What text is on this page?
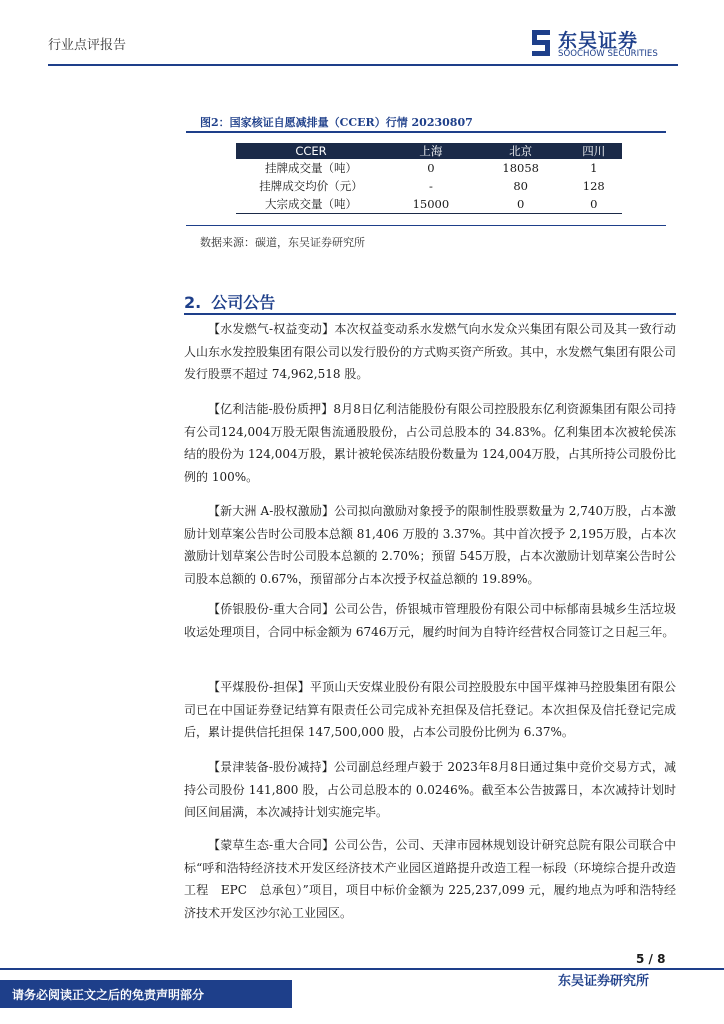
行业点评报告	东吴证券
SOOCHOW SECURITIES
图2：国家核证自愿减排量（CCER）行情 20230807
CCER	上海	北京	四川
挂牌成交量（吨）	0	18058	1
挂牌成交均价（元）	-	80	128
大宗成交量（吨）	15000	0	0
数据来源：碳道，东吴证券研究所
2. 公司公告

【水发燃气-权益变动】本次权益变动系水发燃气向水发众兴集团有限公司及其一致行动人山东水发控股集团有限公司以发行股份的方式购买资产所致。其中，水发燃气集团有限公司发行股票不超过 74,962,518 股。

【亿利洁能-股份质押】8月8日亿利洁能股份有限公司控股股东亿利资源集团有限公司持有公司124,004万股无限售流通股股份，占公司总股本的 34.83%。亿利集团本次被轮侯冻结的股份为 124,004万股，累计被轮侯冻结股份数量为 124,004万股，占其所持公司股份比例的 100%。

【新大洲 A-股权激励】公司拟向激励对象授予的限制性股票数量为 2,740万股，占本激励计划草案公告时公司股本总额 81,406 万股的 3.37%。其中首次授予 2,195万股，占本次激励计划草案公告时公司股本总额的 2.70%；预留 545万股，占本次激励计划草案公告时公司股本总额的 0.67%，预留部分占本次授予权益总额的 19.89%。

【侨银股份-重大合同】公司公告，侨银城市管理股份有限公司中标郁南县城乡生活垃圾收运处理项目，合同中标金额为 6746万元，履约时间为自特许经营权合同签订之日起三年。

【平煤股份-担保】平顶山天安煤业股份有限公司控股股东中国平煤神马控股集团有限公司已在中国证券登记结算有限责任公司完成补充担保及信托登记。本次担保及信托登记完成后，累计提供信托担保 147,500,000 股，占本公司股份比例为 6.37%。

【景津装备-股份减持】公司副总经理卢毅于 2023年8月8日通过集中竞价交易方式，减持公司股份 141,800 股，占公司总股本的 0.0246%。截至本公告披露日，本次减持计划时间区间届满，本次减持计划实施完毕。

【蒙草生态-重大合同】公司公告，公司、天津市园林规划设计研究总院有限公司联合中标“呼和浩特经济技术开发区经济技术产业园区道路提升改造工程一标段（环境综合提升改造工程　EPC　总承包）”项目，项目中标价金额为 225,237,099 元，履约地点为呼和浩特经济技术开发区沙尔沁工业园区。

5 / 8
请务必阅读正文之后的免责声明部分
东吴证券研究所
